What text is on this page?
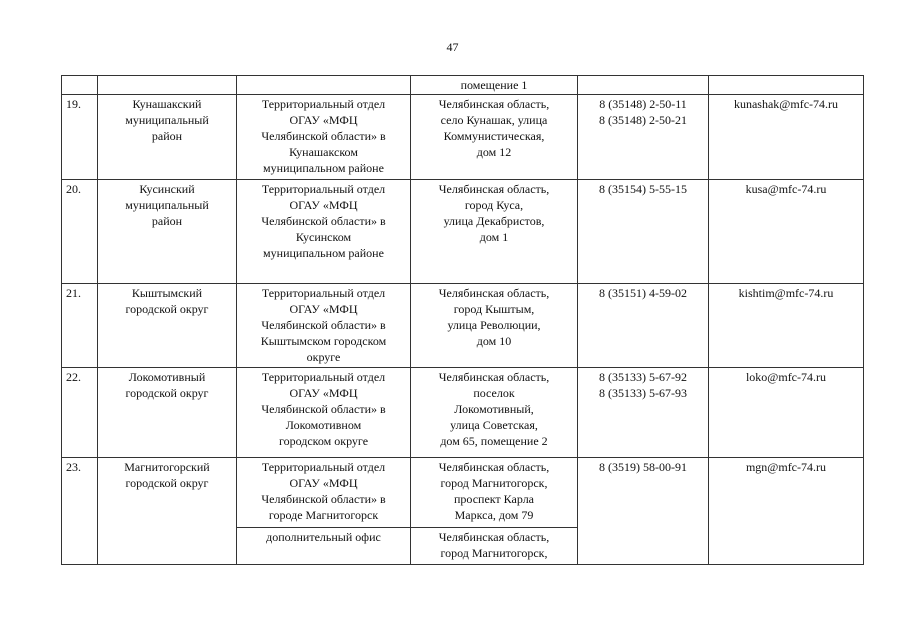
47
			помещение 1		
19.	Кунашакский
муниципальный
район	Территориальный отдел
ОГАУ «МФЦ
Челябинской области» в
Кунашакском
муниципальном районе	Челябинская область,
село Кунашак, улица
Коммунистическая,
дом 12	8 (35148) 2-50-11
8 (35148) 2-50-21	kunashak@mfc-74.ru
20.	Кусинский
муниципальный
район	Территориальный отдел
ОГАУ «МФЦ
Челябинской области» в
Кусинском
муниципальном районе	Челябинская область,
город Куса,
улица Декабристов,
дом 1	8 (35154) 5-55-15	kusa@mfc-74.ru
21.	Кыштымский
городской округ	Территориальный отдел
ОГАУ «МФЦ
Челябинской области» в
Кыштымском городском
округе	Челябинская область,
город Кыштым,
улица Революции,
дом 10	8 (35151) 4-59-02	kishtim@mfc-74.ru
22.	Локомотивный
городской округ	Территориальный отдел
ОГАУ «МФЦ
Челябинской области» в
Локомотивном
городском округе	Челябинская область,
поселок
Локомотивный,
улица Советская,
дом 65, помещение 2	8 (35133) 5-67-92
8 (35133) 5-67-93	loko@mfc-74.ru
23.	Магнитогорский
городской округ	Территориальный отдел
ОГАУ «МФЦ
Челябинской области» в
городе Магнитогорск	Челябинская область,
город Магнитогорск,
проспект Карла
Маркса, дом 79	8 (3519) 58-00-91	mgn@mfc-74.ru
		дополнительный офис	Челябинская область,
город Магнитогорск,		
